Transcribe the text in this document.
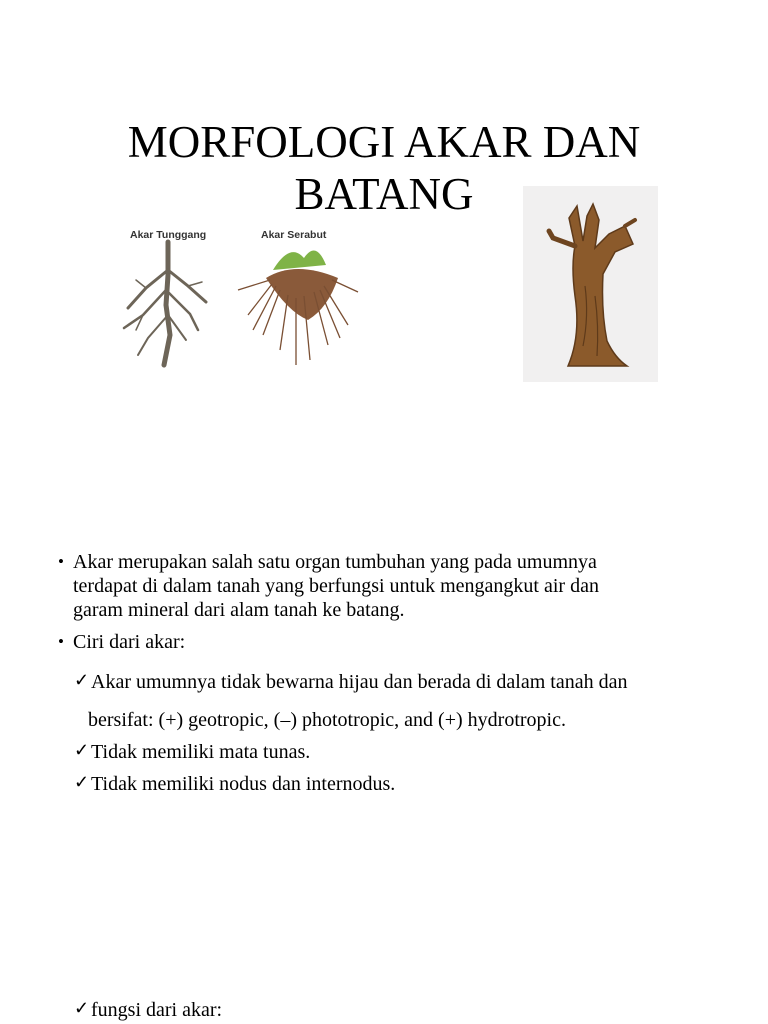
MORFOLOGI AKAR DAN
BATANG
Akar Tunggang	Akar Serabut
• Akar merupakan salah satu organ tumbuhan yang pada umumnya
terdapat di dalam tanah yang berfungsi untuk mengangkut air dan
garam mineral dari alam tanah ke batang.
• Ciri dari akar:
✓ Akar umumnya tidak bewarna hijau dan berada di dalam tanah dan
bersifat: (+) geotropic, (–) phototropic, and (+) hydrotropic.
✓ Tidak memiliki mata tunas.
✓ Tidak memiliki nodus dan internodus.
✓ fungsi dari akar:
